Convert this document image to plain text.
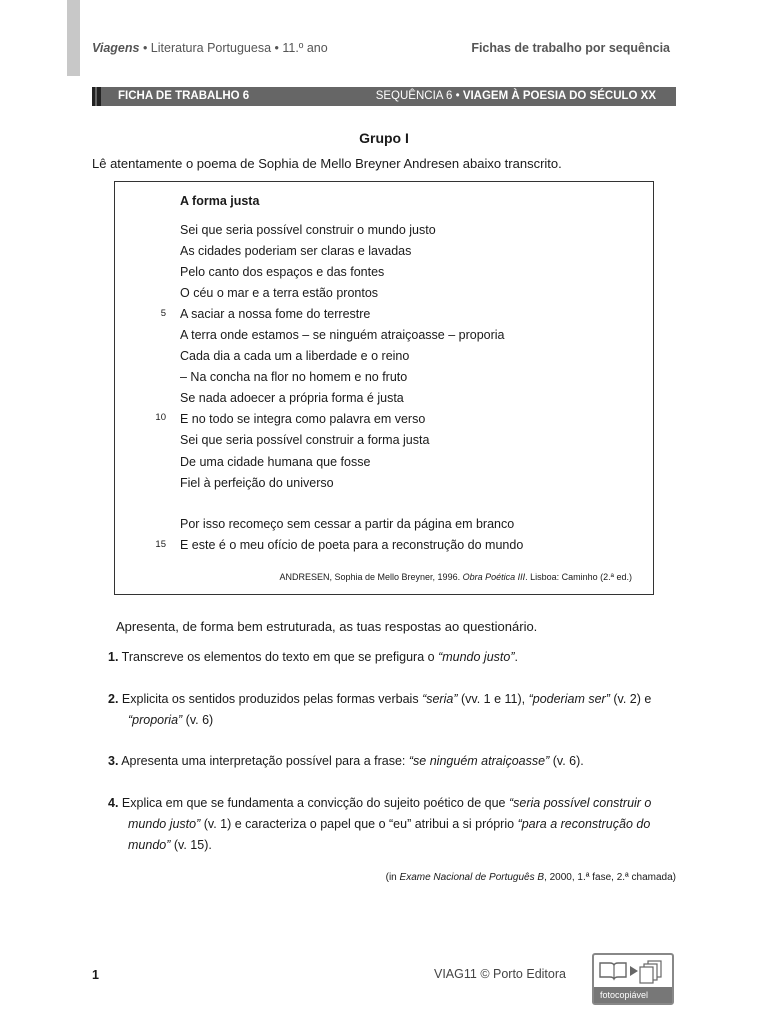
Viagens • Literatura Portuguesa • 11.º ano	Fichas de trabalho por sequência
FICHA DE TRABALHO 6	SEQUÊNCIA 6 • VIAGEM À POESIA DO SÉCULO XX
Grupo I
Lê atentamente o poema de Sophia de Mello Breyner Andresen abaixo transcrito.
A forma justa
Sei que seria possível construir o mundo justo
As cidades poderiam ser claras e lavadas
Pelo canto dos espaços e das fontes
O céu o mar e a terra estão prontos
5 A saciar a nossa fome do terrestre
A terra onde estamos – se ninguém atraiçoasse – proporia
Cada dia a cada um a liberdade e o reino
– Na concha na flor no homem e no fruto
Se nada adoecer a própria forma é justa
10 E no todo se integra como palavra em verso
Sei que seria possível construir a forma justa
De uma cidade humana que fosse
Fiel à perfeição do universo
Por isso recomeço sem cessar a partir da página em branco
15 E este é o meu ofício de poeta para a reconstrução do mundo
ANDRESEN, Sophia de Mello Breyner, 1996. Obra Poética III. Lisboa: Caminho (2.ª ed.)
Apresenta, de forma bem estruturada, as tuas respostas ao questionário.
1. Transcreve os elementos do texto em que se prefigura o “mundo justo”.
2. Explicita os sentidos produzidos pelas formas verbais “seria” (vv. 1 e 11), “poderiam ser” (v. 2) e
“proporia” (v. 6)
3. Apresenta uma interpretação possível para a frase: “se ninguém atraiçoasse” (v. 6).
4. Explica em que se fundamenta a convicção do sujeito poético de que “seria possível construir o
mundo justo” (v. 1) e caracteriza o papel que o “eu” atribui a si próprio “para a reconstrução do
mundo” (v. 15).
(in Exame Nacional de Português B, 2000, 1.ª fase, 2.ª chamada)
1	VIAG11 © Porto Editora
fotocopiável
